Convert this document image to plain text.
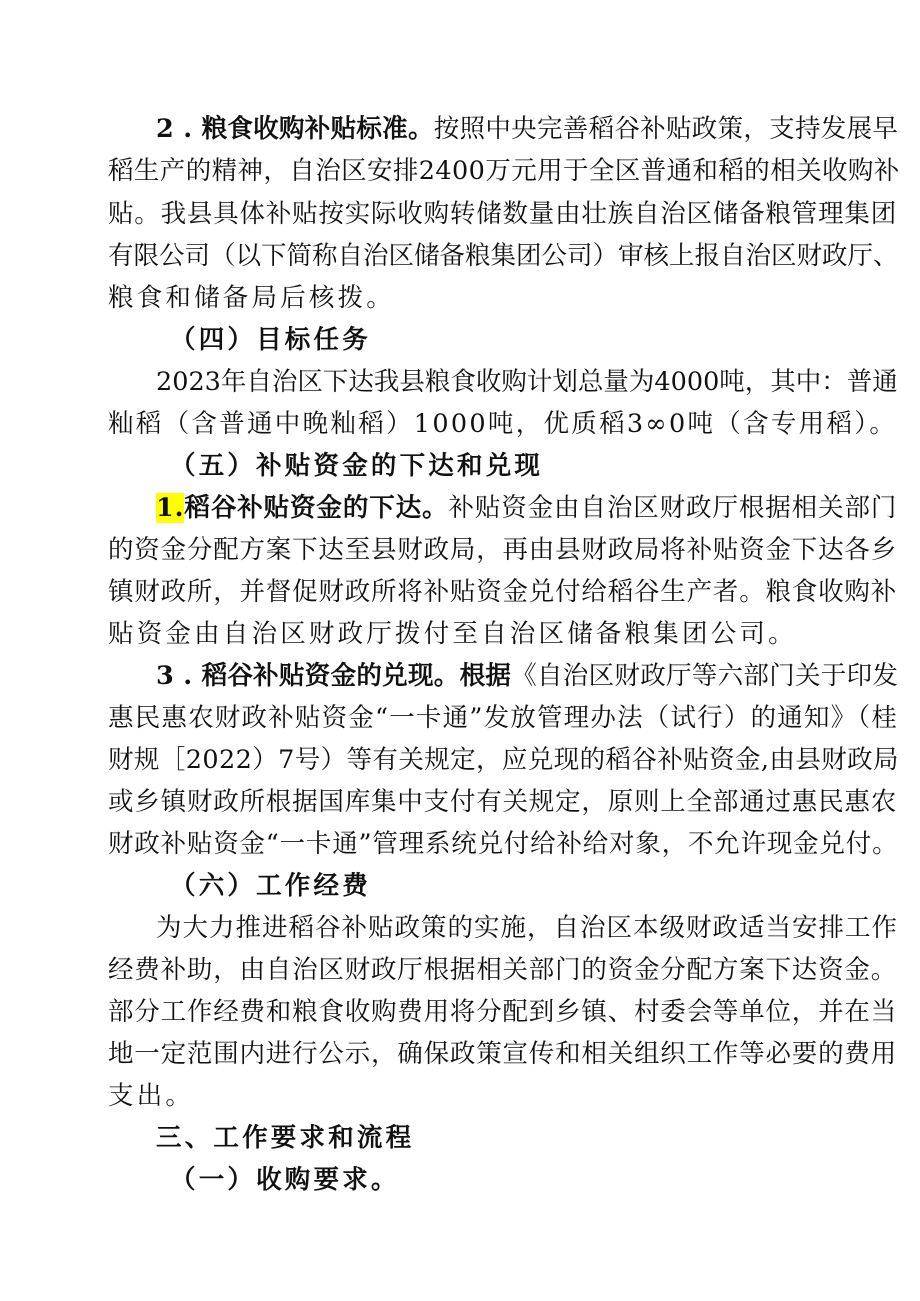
2 . 粮食收购补贴标准。按照中央完善稻谷补贴政策，支持发展早
稻生产的精神，自治区安排2400万元用于全区普通和稻的相关收购补
贴。我县具体补贴按实际收购转储数量由壮族自治区储备粮管理集团
有限公司（以下简称自治区储备粮集团公司）审核上报自治区财政厅、
粮食和储备局后核拨。
（四）目标任务
2023年自治区下达我县粮食收购计划总量为4000吨，其中：普通
籼稻（含普通中晚籼稻）1000吨，优质稻3∞0吨（含专用稻）。
（五）补贴资金的下达和兑现
1.稻谷补贴资金的下达。补贴资金由自治区财政厅根据相关部门
的资金分配方案下达至县财政局，再由县财政局将补贴资金下达各乡
镇财政所，并督促财政所将补贴资金兑付给稻谷生产者。粮食收购补
贴资金由自治区财政厅拨付至自治区储备粮集团公司。
3 . 稻谷补贴资金的兑现。根据《自治区财政厅等六部门关于印发
惠民惠农财政补贴资金“一卡通”发放管理办法（试行）的通知》（桂
财规［2022）7号）等有关规定，应兑现的稻谷补贴资金,由县财政局
或乡镇财政所根据国库集中支付有关规定，原则上全部通过惠民惠农
财政补贴资金“一卡通”管理系统兑付给补给对象，不允许现金兑付。
（六）工作经费
为大力推进稻谷补贴政策的实施，自治区本级财政适当安排工作
经费补助，由自治区财政厅根据相关部门的资金分配方案下达资金。
部分工作经费和粮食收购费用将分配到乡镇、村委会等单位，并在当
地一定范围内进行公示，确保政策宣传和相关组织工作等必要的费用
支出。
三、工作要求和流程
（一）收购要求。
